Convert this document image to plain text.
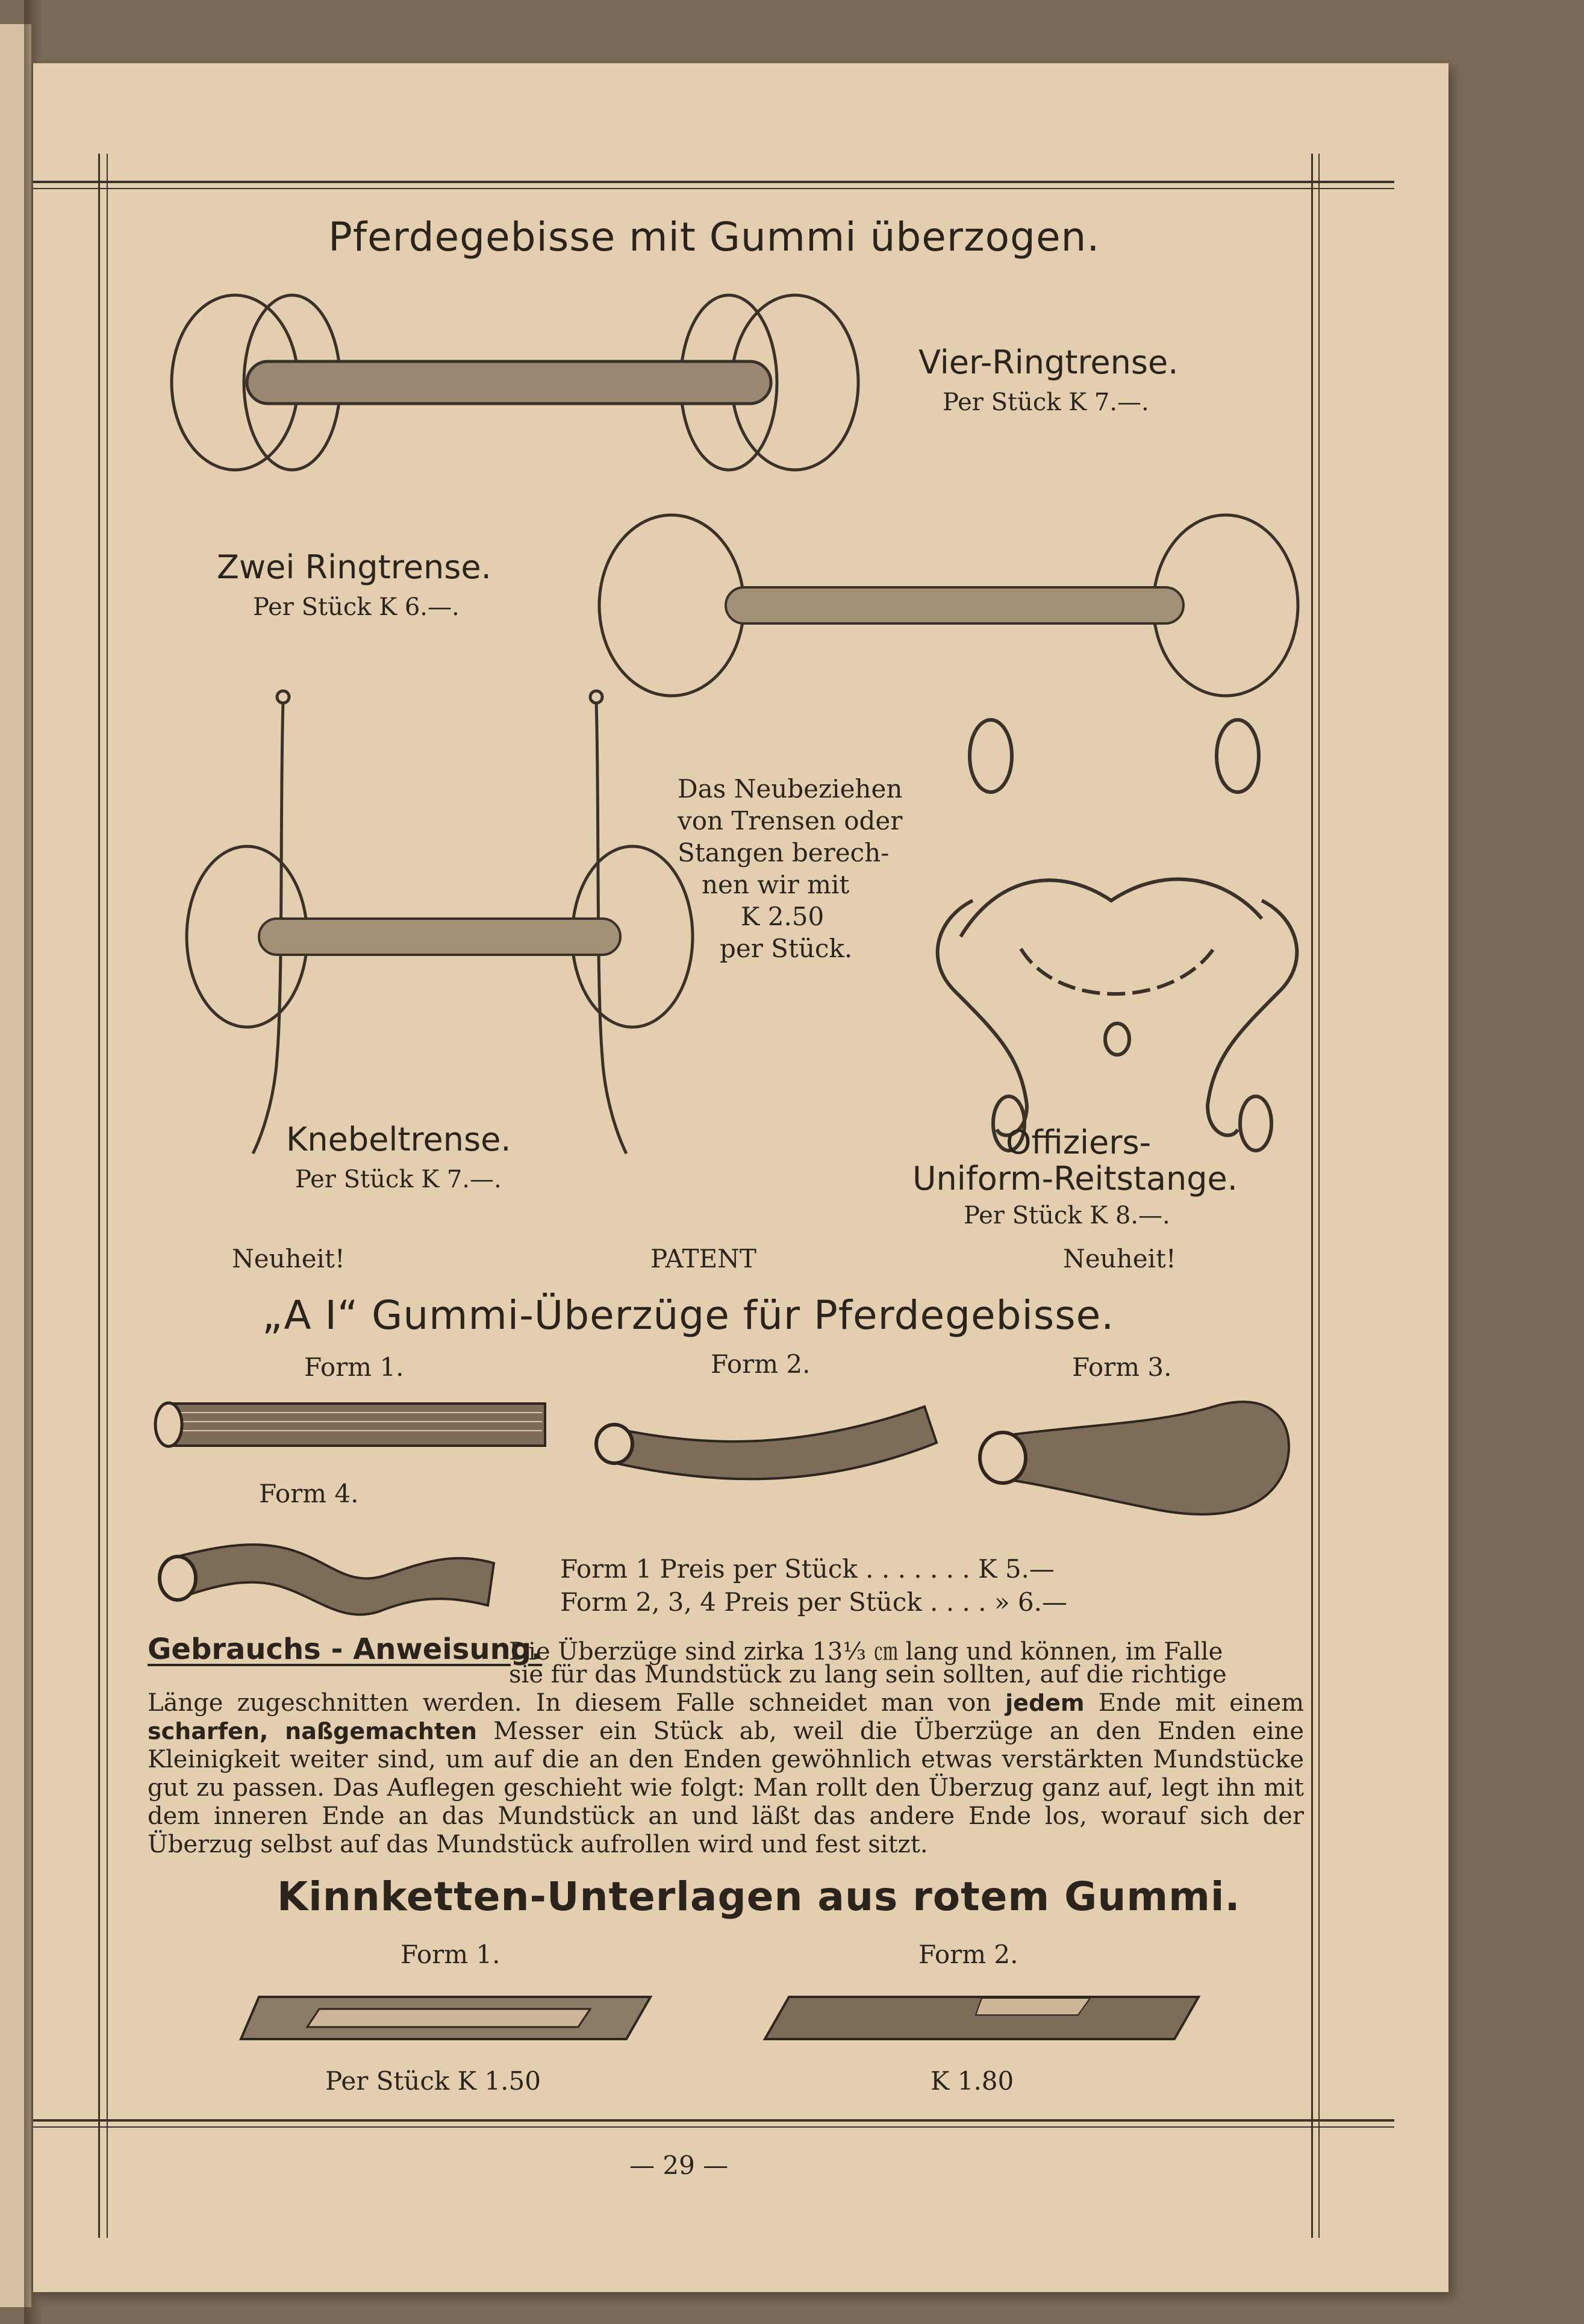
Pferdegebisse mit Gummi überzogen.
Vier-Ringtrense.
Per Stück K 7.—.
Zwei Ringtrense.
Per Stück K 6.—.
Knebeltrense.
Per Stück K 7.—.
Das Neubeziehen
von Trensen oder
Stangen berech-
nen wir mit
K 2.50
per Stück.
Offiziers-
Uniform-Reitstange.
Per Stück K 8.—.
Neuheit!	PATENT	Neuheit!
„A I“ Gummi-Überzüge für Pferdegebisse.
Form 1.	Form 2.	Form 3.
Form 4.
Form 1 Preis per Stück . . . . . . . K 5.—
Form 2, 3, 4 Preis per Stück . . . . » 6.—
Gebrauchs - Anweisung.
Die Überzüge sind zirka 13⅓ ㎝ lang und können, im Falle
sie für das Mundstück zu lang sein sollten, auf die richtige
Länge zugeschnitten werden. In diesem Falle schneidet man von jedem Ende mit einem scharfen, naßgemachten Messer ein Stück ab, weil die Überzüge an den Enden eine Kleinigkeit weiter sind, um auf die an den Enden gewöhnlich etwas verstärkten Mundstücke gut zu passen. Das Auflegen geschieht wie folgt: Man rollt den Überzug ganz auf, legt ihn mit dem inneren Ende an das Mundstück an und läßt das andere Ende los, worauf sich der Überzug selbst auf das Mundstück aufrollen wird und fest sitzt.
Kinnketten-Unterlagen aus rotem Gummi.
Form 1.	Form 2.
Per Stück K 1.50	K 1.80
— 29 —
